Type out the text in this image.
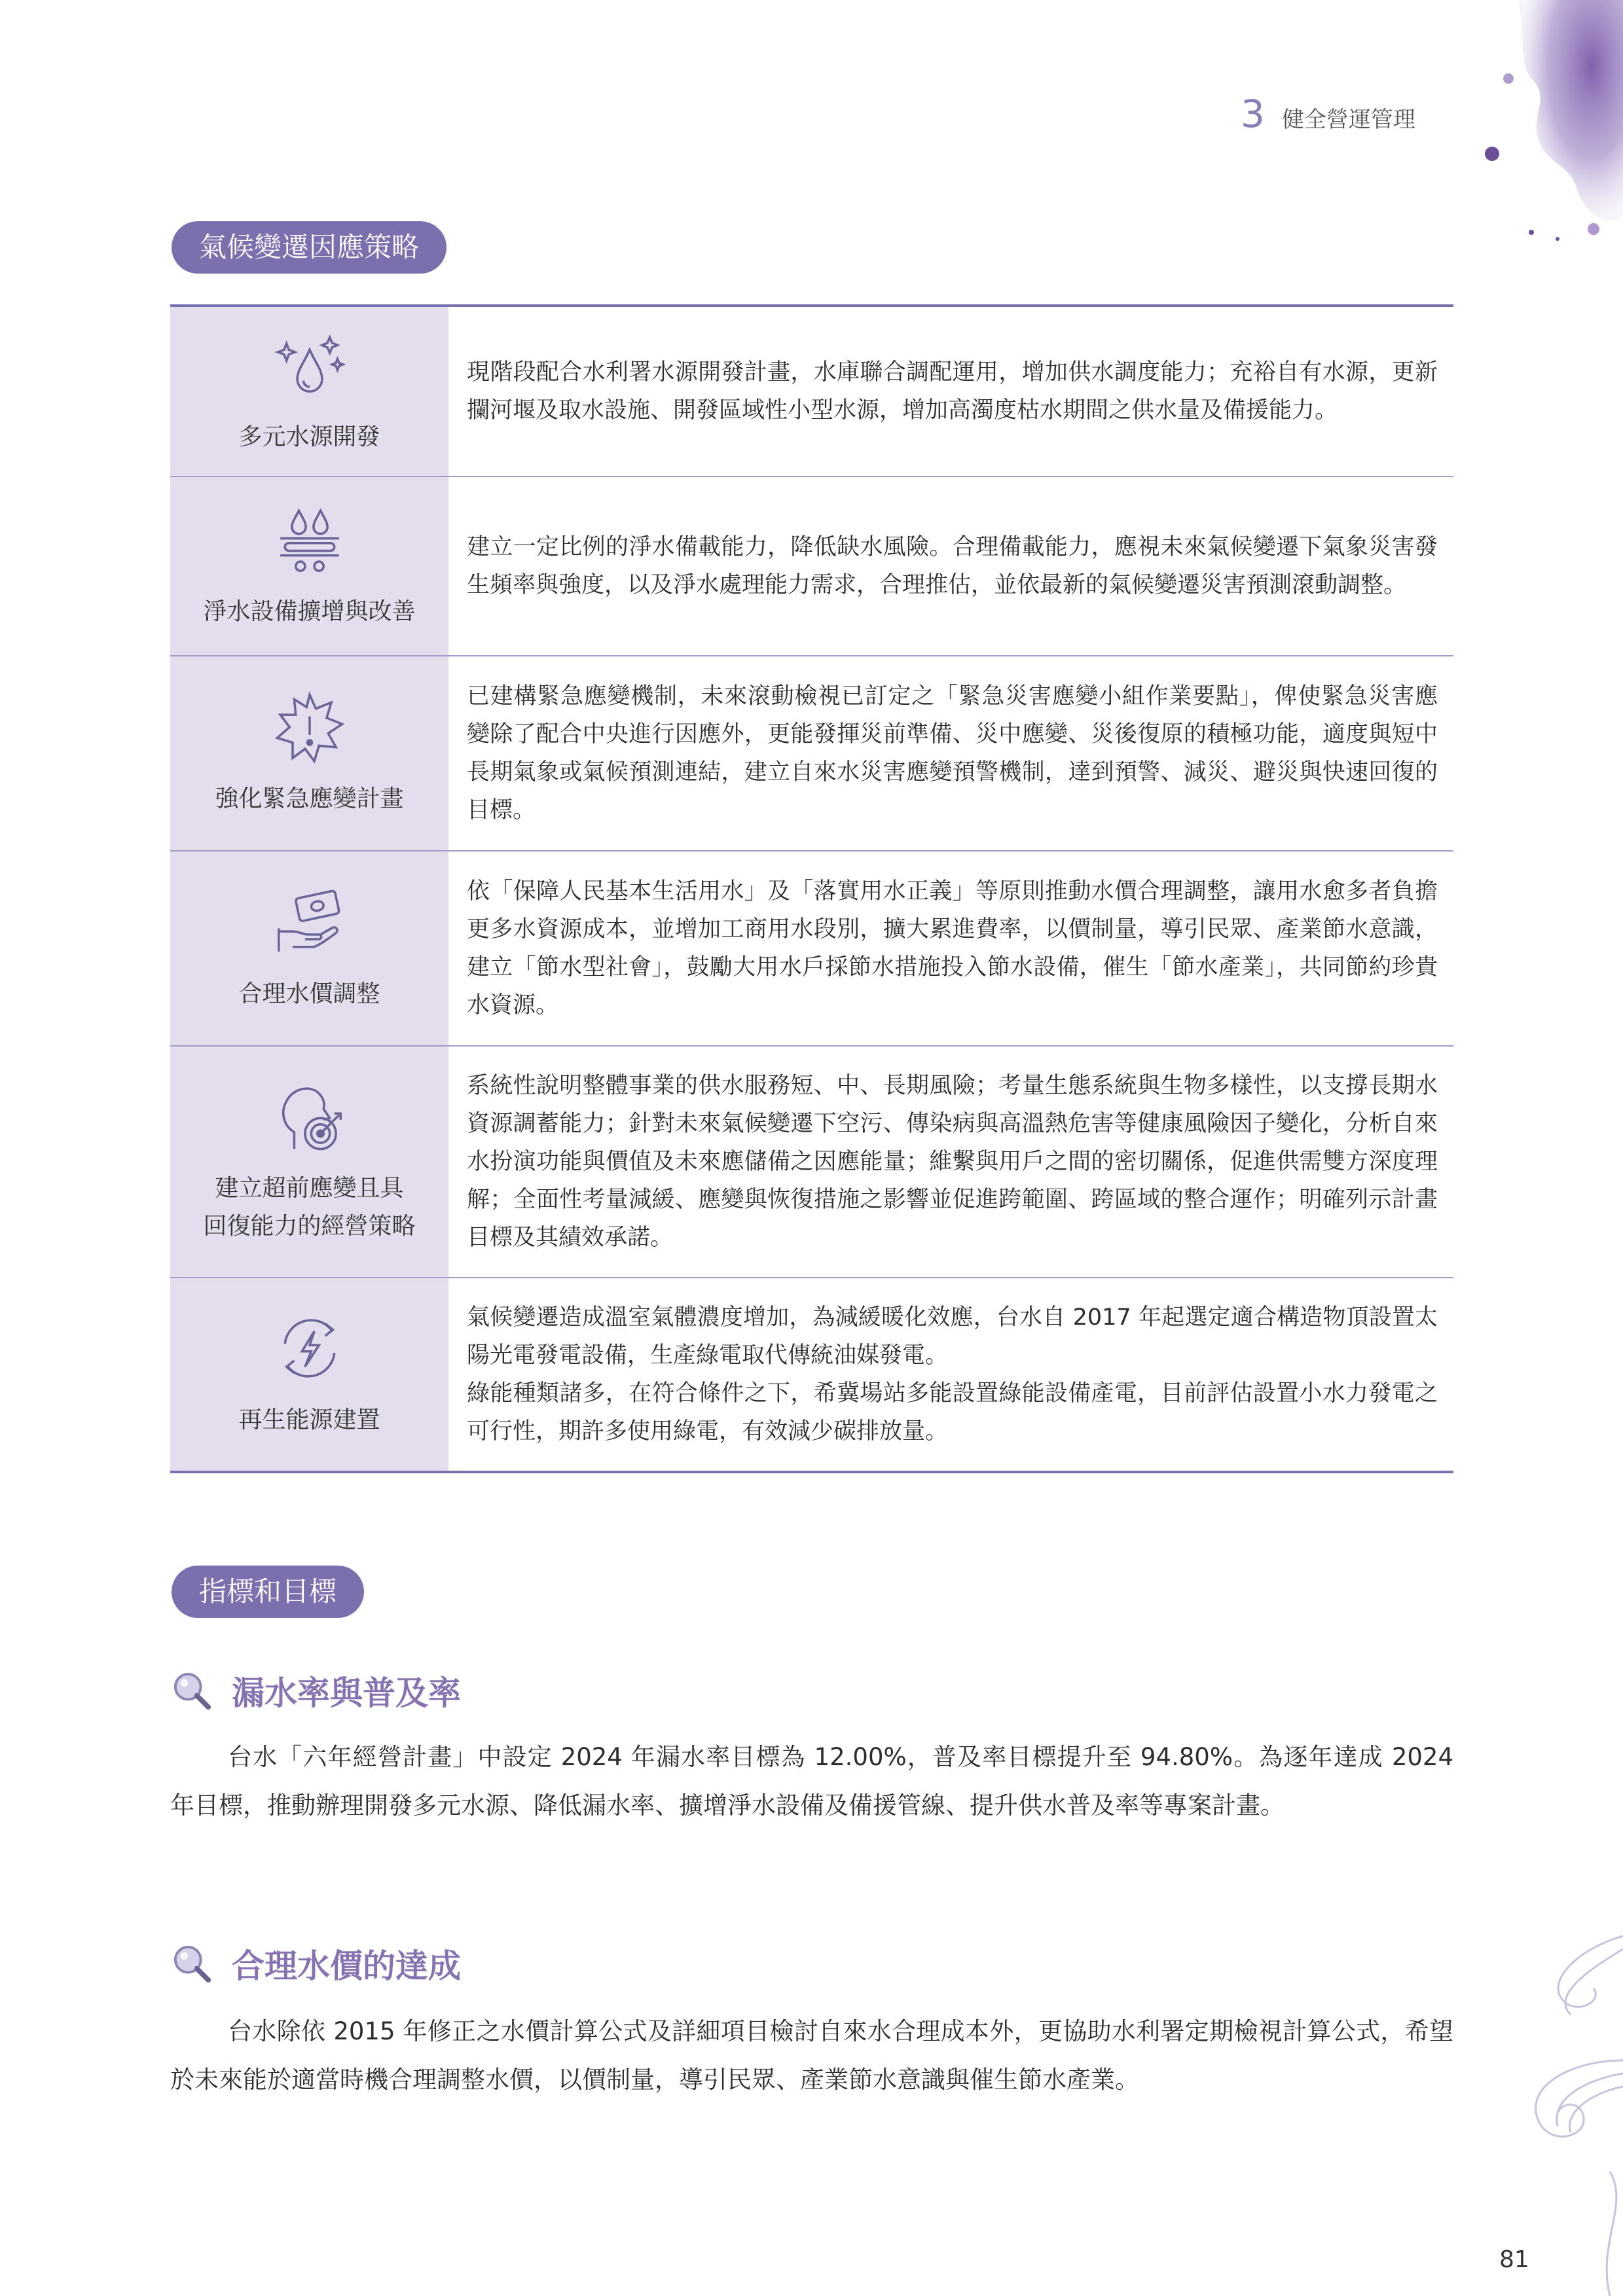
3 健全營運管理
氣候變遷因應策略
多元水源開發

現階段配合水利署水源開發計畫，水庫聯合調配運用，增加供水調度能力；充裕自有水源，更新攔河堰及取水設施、開發區域性小型水源，增加高濁度枯水期間之供水量及備援能力。

淨水設備擴增與改善

建立一定比例的淨水備載能力，降低缺水風險。合理備載能力，應視未來氣候變遷下氣象災害發生頻率與強度，以及淨水處理能力需求，合理推估，並依最新的氣候變遷災害預測滾動調整。

強化緊急應變計畫

已建構緊急應變機制，未來滾動檢視已訂定之「緊急災害應變小組作業要點」，俾使緊急災害應變除了配合中央進行因應外，更能發揮災前準備、災中應變、災後復原的積極功能，適度與短中長期氣象或氣候預測連結，建立自來水災害應變預警機制，達到預警、減災、避災與快速回復的目標。

合理水價調整

依「保障人民基本生活用水」及「落實用水正義」等原則推動水價合理調整，讓用水愈多者負擔更多水資源成本，並增加工商用水段別，擴大累進費率，以價制量，導引民眾、產業節水意識，建立「節水型社會」，鼓勵大用水戶採節水措施投入節水設備，催生「節水產業」，共同節約珍貴水資源。

建立超前應變且具
回復能力的經營策略

系統性說明整體事業的供水服務短、中、長期風險；考量生態系統與生物多樣性，以支撐長期水資源調蓄能力；針對未來氣候變遷下空污、傳染病與高溫熱危害等健康風險因子變化，分析自來水扮演功能與價值及未來應儲備之因應能量；維繫與用戶之間的密切關係，促進供需雙方深度理解；全面性考量減緩、應變與恢復措施之影響並促進跨範圍、跨區域的整合運作；明確列示計畫目標及其績效承諾。

再生能源建置

氣候變遷造成溫室氣體濃度增加，為減緩暖化效應，台水自 2017 年起選定適合構造物頂設置太陽光電發電設備，生產綠電取代傳統油媒發電。

綠能種類諸多，在符合條件之下，希冀場站多能設置綠能設備產電，目前評估設置小水力發電之可行性，期許多使用綠電，有效減少碳排放量。

指標和目標
漏水率與普及率
台水「六年經營計畫」中設定 2024 年漏水率目標為 12.00%，普及率目標提升至 94.80%。為逐年達成 2024 年目標，推動辦理開發多元水源、降低漏水率、擴增淨水設備及備援管線、提升供水普及率等專案計畫。
合理水價的達成
台水除依 2015 年修正之水價計算公式及詳細項目檢討自來水合理成本外，更協助水利署定期檢視計算公式，希望於未來能於適當時機合理調整水價，以價制量，導引民眾、產業節水意識與催生節水產業。
81
